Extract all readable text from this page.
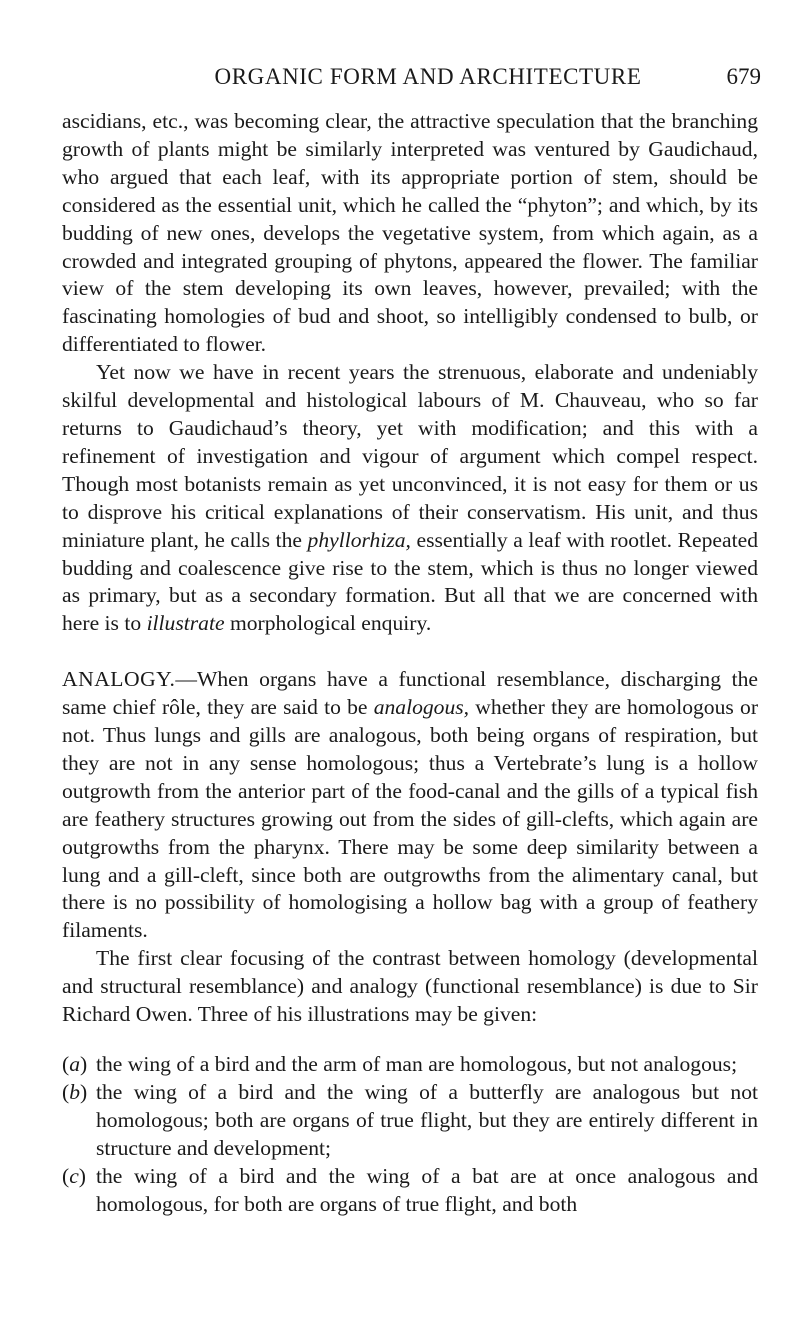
ORGANIC FORM AND ARCHITECTURE	679

ascidians, etc., was becoming clear, the attractive speculation that the branching growth of plants might be similarly interpreted was ventured by Gaudichaud, who argued that each leaf, with its appropriate portion of stem, should be considered as the essential unit, which he called the “phyton”; and which, by its budding of new ones, develops the vegetative system, from which again, as a crowded and integrated grouping of phytons, appeared the flower. The familiar view of the stem developing its own leaves, however, prevailed; with the fascinating homologies of bud and shoot, so intelligibly condensed to bulb, or differentiated to flower.

Yet now we have in recent years the strenuous, elaborate and undeniably skilful developmental and histological labours of M. Chauveau, who so far returns to Gaudichaud’s theory, yet with modification; and this with a refinement of investigation and vigour of argument which compel respect. Though most botanists remain as yet unconvinced, it is not easy for them or us to disprove his critical explanations of their conservatism. His unit, and thus miniature plant, he calls the phyllorhiza, essentially a leaf with rootlet. Repeated budding and coalescence give rise to the stem, which is thus no longer viewed as primary, but as a secondary formation. But all that we are concerned with here is to illustrate morphological enquiry.

ANALOGY.—When organs have a functional resemblance, discharging the same chief rôle, they are said to be analogous, whether they are homologous or not. Thus lungs and gills are analogous, both being organs of respiration, but they are not in any sense homologous; thus a Vertebrate’s lung is a hollow outgrowth from the anterior part of the food-canal and the gills of a typical fish are feathery structures growing out from the sides of gill-clefts, which again are outgrowths from the pharynx. There may be some deep similarity between a lung and a gill-cleft, since both are outgrowths from the alimentary canal, but there is no possibility of homologising a hollow bag with a group of feathery filaments.

The first clear focusing of the contrast between homology (developmental and structural resemblance) and analogy (functional resemblance) is due to Sir Richard Owen. Three of his illustrations may be given:

(a) the wing of a bird and the arm of man are homologous, but not analogous;
(b) the wing of a bird and the wing of a butterfly are analogous but not homologous; both are organs of true flight, but they are entirely different in structure and development;
(c) the wing of a bird and the wing of a bat are at once analogous and homologous, for both are organs of true flight, and both
